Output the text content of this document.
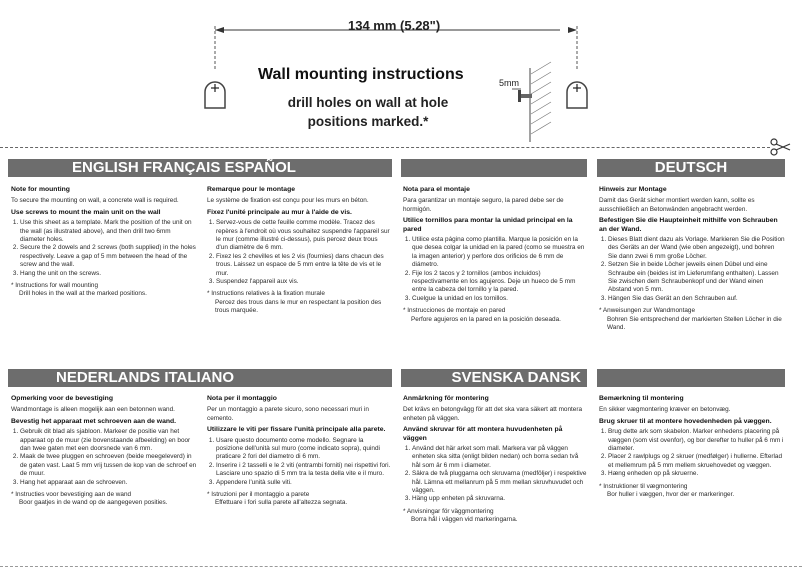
134 mm (5.28")
Wall mounting instructions
drill holes on wall at hole positions marked.*
5mm
ENGLISH FRANÇAIS ESPAÑOL	DEUTSCH
Note for mounting
To secure the mounting on wall, a concrete wall is required.
Use screws to mount the main unit on the wall
1. Use this sheet as a template. Mark the position of the unit on the wall (as illustrated above), and then drill two 6mm diameter holes.
2. Secure the 2 dowels and 2 screws (both supplied) in the holes respectively. Leave a gap of 5 mm between the head of the screw and the wall.
3. Hang the unit on the screws.
* Instructions for wall mounting
Drill holes in the wall at the marked positions.
Remarque pour le montage
Le système de fixation est conçu pour les murs en béton.
Fixez l'unité principale au mur à l'aide de vis.
1. Servez-vous de cette feuille comme modèle. Tracez des repères à l'endroit où vous souhaitez suspendre l'appareil sur le mur (comme illustré ci-dessus), puis percez deux trous d'un diamètre de 6 mm.
2. Fixez les 2 chevilles et les 2 vis (fournies) dans chacun des trous. Laissez un espace de 5 mm entre la tête de vis et le mur.
3. Suspendez l'appareil aux vis.
* Instructions relatives à la fixation murale
Percez des trous dans le mur en respectant la position des trous marquée.
Nota para el montaje
Para garantizar un montaje seguro, la pared debe ser de hormigón.
Utilice tornillos para montar la unidad principal en la pared
1. Utilice esta página como plantilla. Marque la posición en la que desea colgar la unidad en la pared (como se muestra en la imagen anterior) y perfore dos orificios de 6 mm de diámetro.
2. Fije los 2 tacos y 2 tornillos (ambos incluidos) respectivamente en los agujeros. Deje un hueco de 5 mm entre la cabeza del tornillo y la pared.
3. Cuelgue la unidad en los tornillos.
* Instrucciones de montaje en pared
Perfore agujeros en la pared en la posición deseada.
Hinweis zur Montage
Damit das Gerät sicher montiert werden kann, sollte es ausschließlich an Betonwänden angebracht werden.
Befestigen Sie die Haupteinheit mithilfe von Schrauben an der Wand.
1. Dieses Blatt dient dazu als Vorlage. Markieren Sie die Position des Geräts an der Wand (wie oben angezeigt), und bohren Sie dann zwei 6 mm große Löcher.
2. Setzen Sie in beide Löcher jeweils einen Dübel und eine Schraube ein (beides ist im Lieferumfang enthalten). Lassen Sie zwischen dem Schraubenkopf und der Wand einen Abstand von 5 mm.
3. Hängen Sie das Gerät an den Schrauben auf.
* Anweisungen zur Wandmontage
Bohren Sie entsprechend der markierten Stellen Löcher in die Wand.
NEDERLANDS ITALIANO	SVENSKA DANSK
Opmerking voor de bevestiging
Wandmontage is alleen mogelijk aan een betonnen wand.
Bevestig het apparaat met schroeven aan de wand.
1. Gebruik dit blad als sjabloon. Markeer de positie van het apparaat op de muur (zie bovenstaande afbeelding) en boor dan twee gaten met een doorsnede van 6 mm.
2. Maak de twee pluggen en schroeven (beide meegeleverd) in de gaten vast. Laat 5 mm vrij tussen de kop van de schroef en de muur.
3. Hang het apparaat aan de schroeven.
* Instructies voor bevestiging aan de wand
Boor gaatjes in de wand op de aangegeven posities.
Nota per il montaggio
Per un montaggio a parete sicuro, sono necessari muri in cemento.
Utilizzare le viti per fissare l'unità principale alla parete.
1. Usare questo documento come modello. Segnare la posizione dell'unità sul muro (come indicato sopra), quindi praticare 2 fori del diametro di 6 mm.
2. Inserire i 2 tasselli e le 2 viti (entrambi forniti) nei rispettivi fori. Lasciare uno spazio di 5 mm tra la testa della vite e il muro.
3. Appendere l'unità sulle viti.
* Istruzioni per il montaggio a parete
Effettuare i fori sulla parete all'altezza segnata.
Anmärkning för montering
Det krävs en betongvägg för att det ska vara säkert att montera enheten på väggen.
Använd skruvar för att montera huvudenheten på väggen
1. Använd det här arket som mall. Markera var på väggen enheten ska sitta (enligt bilden nedan) och borra sedan två hål som är 6 mm i diameter.
2. Säkra de två pluggarna och skruvarna (medföljer) i respektive hål. Lämna ett mellanrum på 5 mm mellan skruvhuvudet och väggen.
3. Häng upp enheten på skruvarna.
* Anvisningar för väggmontering
Borra hål i väggen vid markeringarna.
Bemærkning til montering
En sikker vægmontering kræver en betonvæg.
Brug skruer til at montere hovedenheden på væggen.
1. Brug dette ark som skabelon. Marker enhedens placering på væggen (som vist ovenfor), og bor derefter to huller på 6 mm i diameter.
2. Placer 2 rawlplugs og 2 skruer (medfølger) i hullerne. Efterlad et mellemrum på 5 mm mellem skruehovedet og væggen.
3. Hæng enheden op på skruerne.
* Instruktioner til vægmontering
Bor huller i væggen, hvor der er markeringer.
